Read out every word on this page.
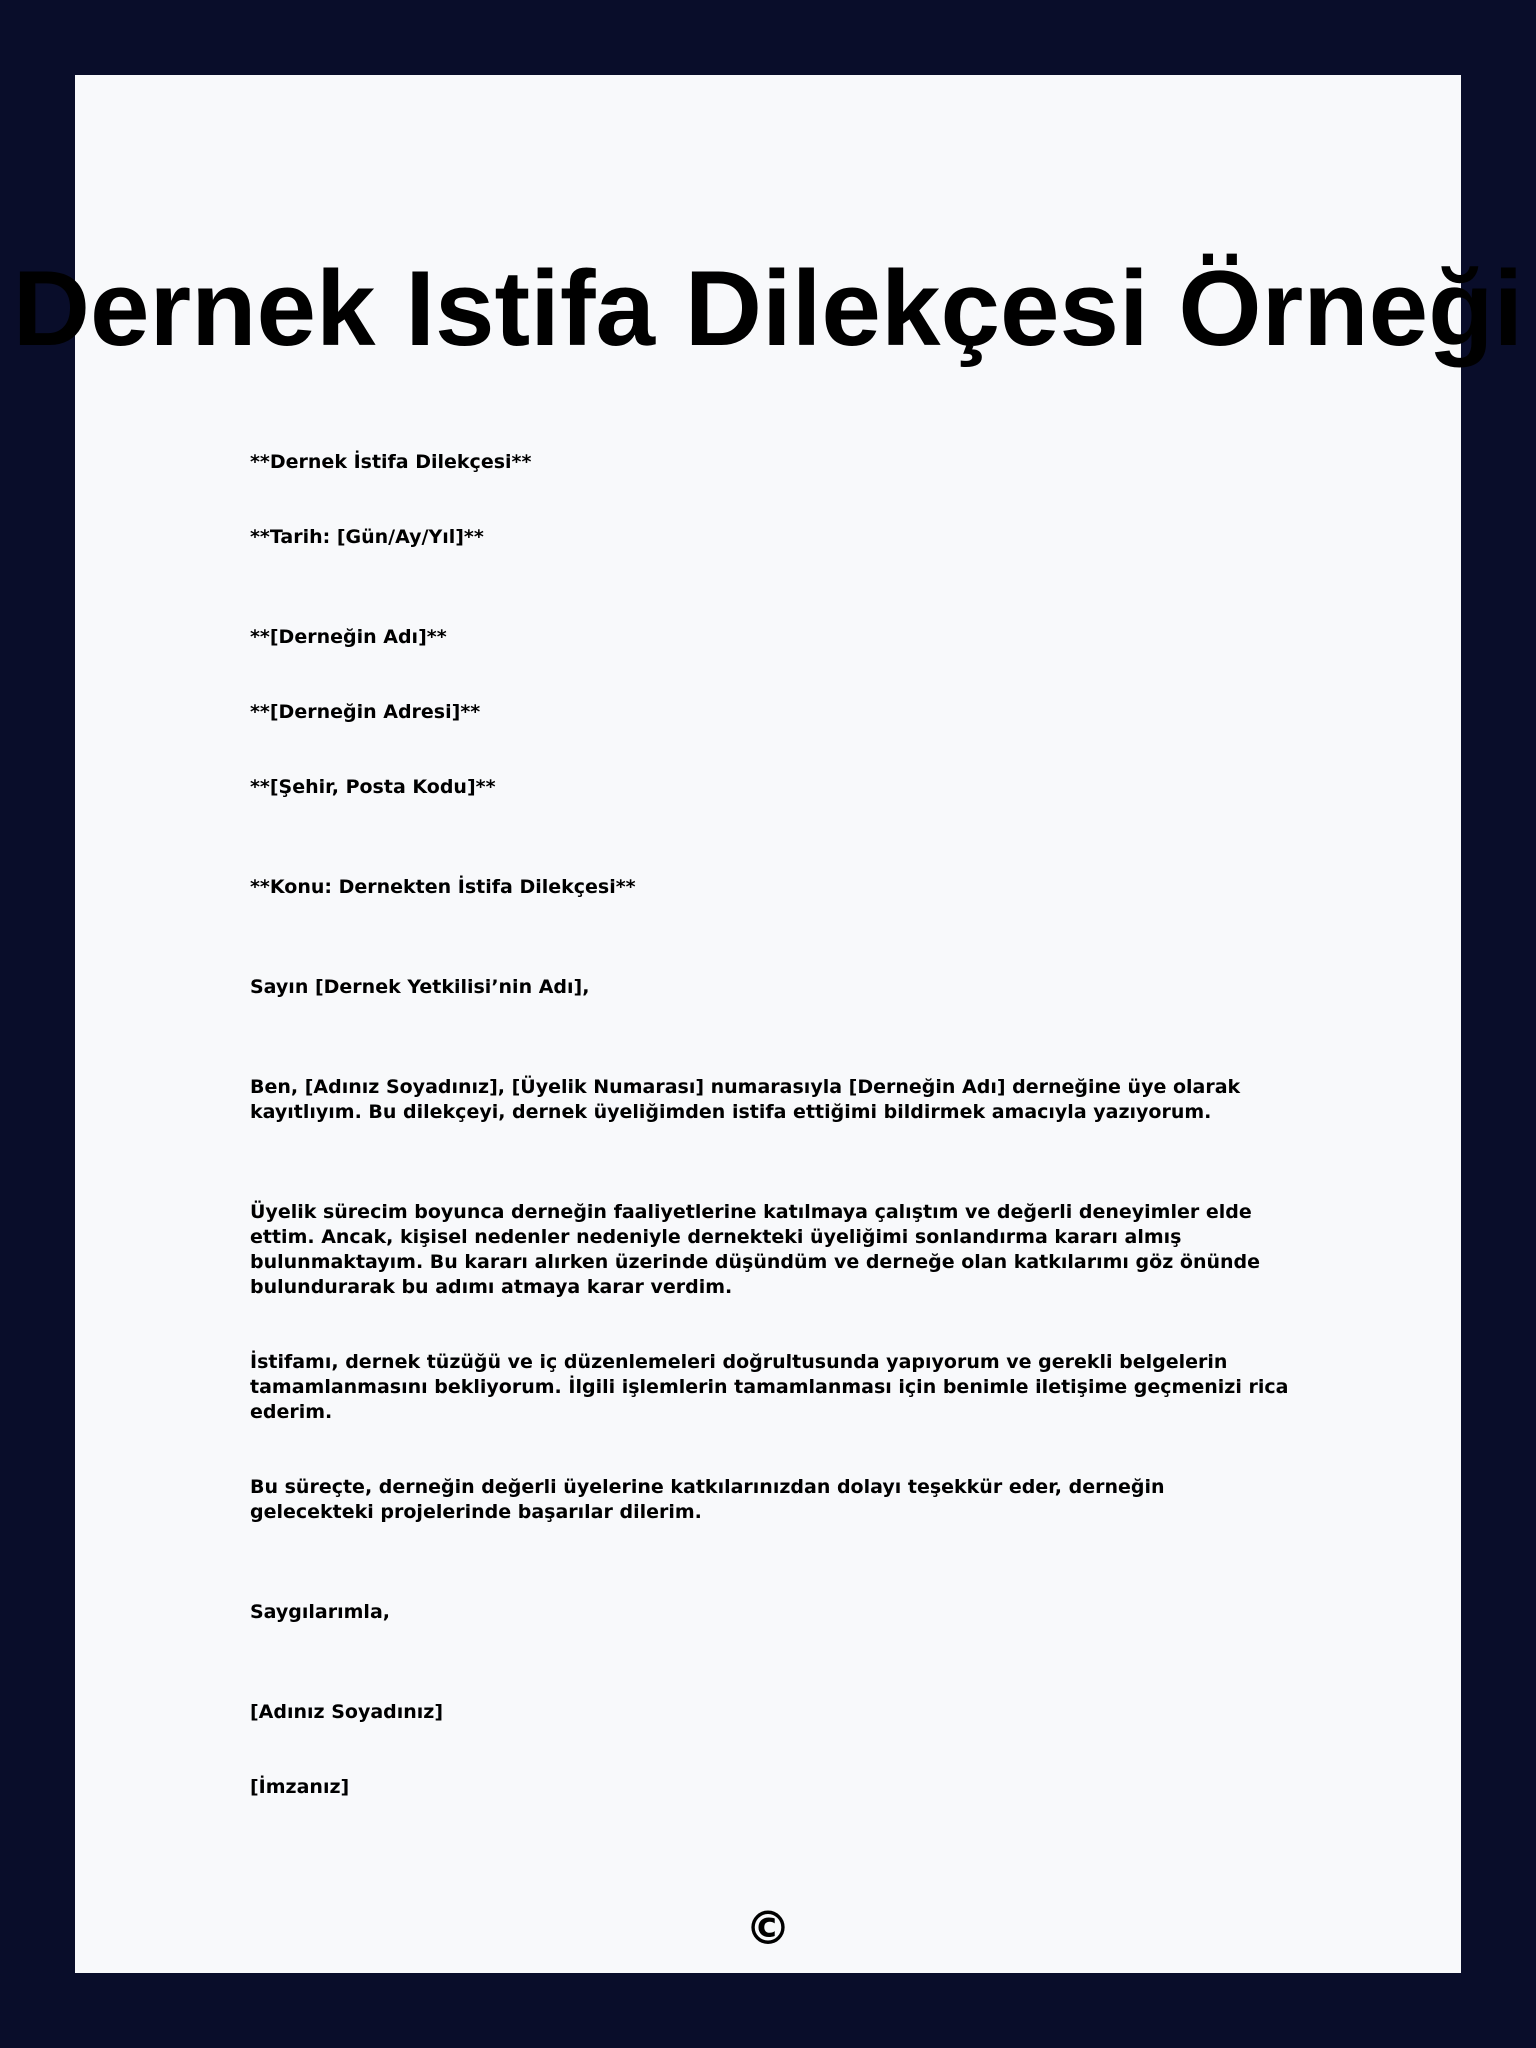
Dernek Istifa Dilekçesi Örneği

**Dernek İstifa Dilekçesi**

**Tarih: [Gün/Ay/Yıl]**

**[Derneğin Adı]**

**[Derneğin Adresi]**

**[Şehir, Posta Kodu]**

**Konu: Dernekten İstifa Dilekçesi**

Sayın [Dernek Yetkilisi’nin Adı],

Ben, [Adınız Soyadınız], [Üyelik Numarası] numarasıyla [Derneğin Adı] derneğine üye olarak kayıtlıyım. Bu dilekçeyi, dernek üyeliğimden istifa ettiğimi bildirmek amacıyla yazıyorum.

Üyelik sürecim boyunca derneğin faaliyetlerine katılmaya çalıştım ve değerli deneyimler elde ettim. Ancak, kişisel nedenler nedeniyle dernekteki üyeliğimi sonlandırma kararı almış bulunmaktayım. Bu kararı alırken üzerinde düşündüm ve derneğe olan katkılarımı göz önünde bulundurarak bu adımı atmaya karar verdim.

İstifamı, dernek tüzüğü ve iç düzenlemeleri doğrultusunda yapıyorum ve gerekli belgelerin tamamlanmasını bekliyorum. İlgili işlemlerin tamamlanması için benimle iletişime geçmenizi rica ederim.

Bu süreçte, derneğin değerli üyelerine katkılarınızdan dolayı teşekkür eder, derneğin gelecekteki projelerinde başarılar dilerim.

Saygılarımla,

[Adınız Soyadınız]

[İmzanız]

©
